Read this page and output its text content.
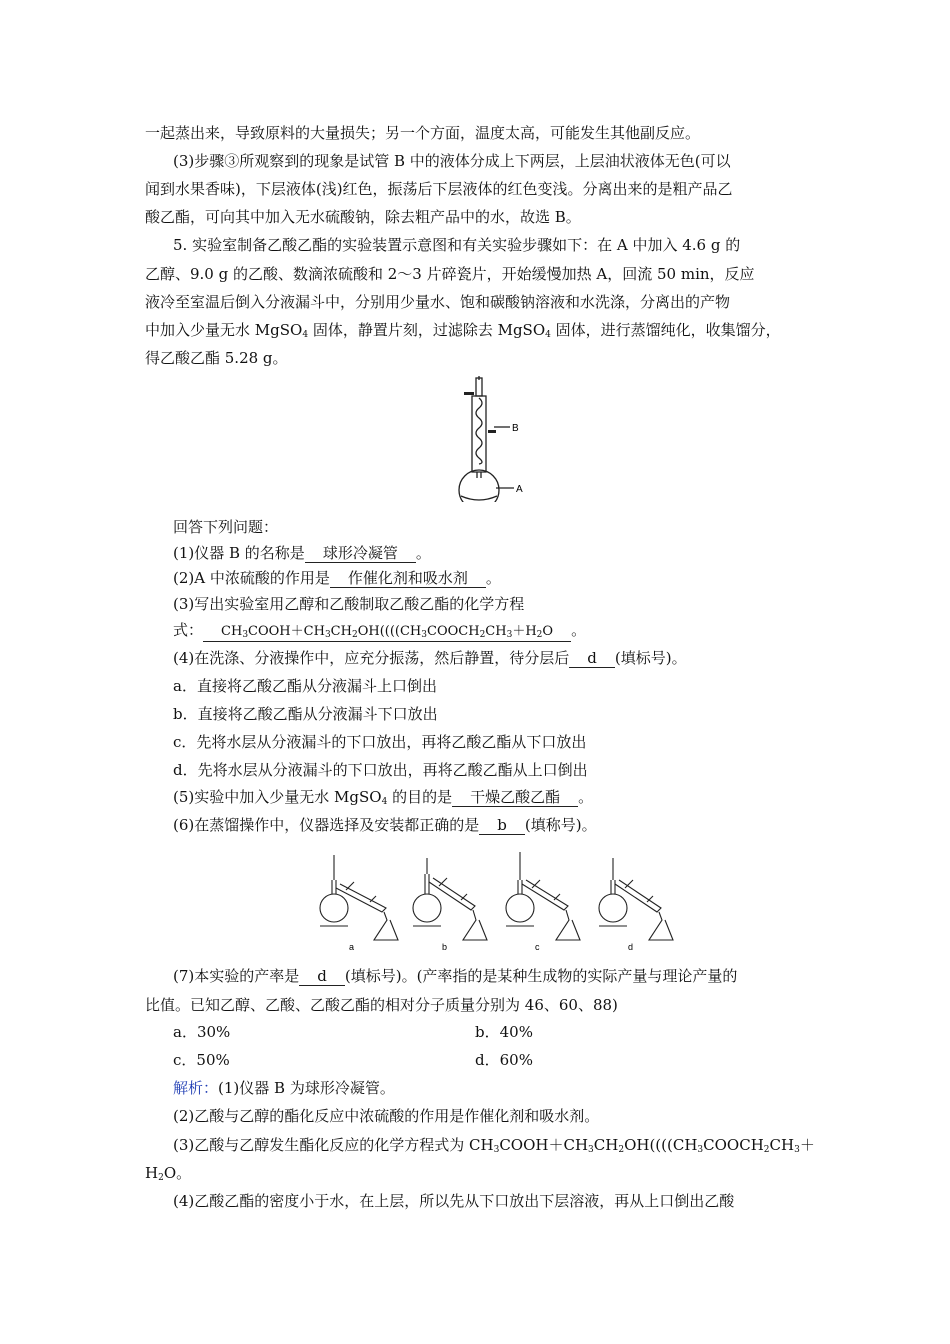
一起蒸出来，导致原料的大量损失；另一个方面，温度太高，可能发生其他副反应。
(3)步骤③所观察到的现象是试管 B 中的液体分成上下两层，上层油状液体无色(可以
闻到水果香味)，下层液体(浅)红色，振荡后下层液体的红色变浅。分离出来的是粗产品乙
酸乙酯，可向其中加入无水硫酸钠，除去粗产品中的水，故选 B。
5. 实验室制备乙酸乙酯的实验装置示意图和有关实验步骤如下：在 A 中加入 4.6 g 的
乙醇、9.0 g 的乙酸、数滴浓硫酸和 2～3 片碎瓷片，开始缓慢加热 A，回流 50 min，反应
液冷至室温后倒入分液漏斗中，分别用少量水、饱和碳酸钠溶液和水洗涤，分离出的产物
中加入少量无水 MgSO$_4$ 固体，静置片刻，过滤除去 MgSO$_4$ 固体，进行蒸馏纯化，收集馏分，
得乙酸乙酯 5.28 g。
B
A
回答下列问题：
(1)仪器 B 的名称是 球形冷凝管 。
(2)A 中浓硫酸的作用是 作催化剂和吸水剂 。
(3)写出实验室用乙醇和乙酸制取乙酸乙酯的化学方程
式： $CH_3COOH+CH_3CH_2OH((((CH_3COOCH_2CH_3+H_2O$ 。
(4)在洗涤、分液操作中，应充分振荡，然后静置，待分层后 d (填标号)。
a．直接将乙酸乙酯从分液漏斗上口倒出
b．直接将乙酸乙酯从分液漏斗下口放出
c．先将水层从分液漏斗的下口放出，再将乙酸乙酯从下口放出
d．先将水层从分液漏斗的下口放出，再将乙酸乙酯从上口倒出
(5)实验中加入少量无水 MgSO$_4$ 的目的是 干燥乙酸乙酯 。
(6)在蒸馏操作中，仪器选择及安装都正确的是 b (填称号)。
a	b	c	d
(7)本实验的产率是 d (填标号)。(产率指的是某种生成物的实际产量与理论产量的
比值。已知乙醇、乙酸、乙酸乙酯的相对分子质量分别为 46、60、88)
a．30%	b．40%
c．50%	d．60%
解析：(1)仪器 B 为球形冷凝管。
(2)乙酸与乙醇的酯化反应中浓硫酸的作用是作催化剂和吸水剂。
(3)乙酸与乙醇发生酯化反应的化学方程式为 $CH_3COOH+CH_3CH_2OH((((CH_3COOCH_2CH_3+$
$H_2O$。
(4)乙酸乙酯的密度小于水，在上层，所以先从下口放出下层溶液，再从上口倒出乙酸
